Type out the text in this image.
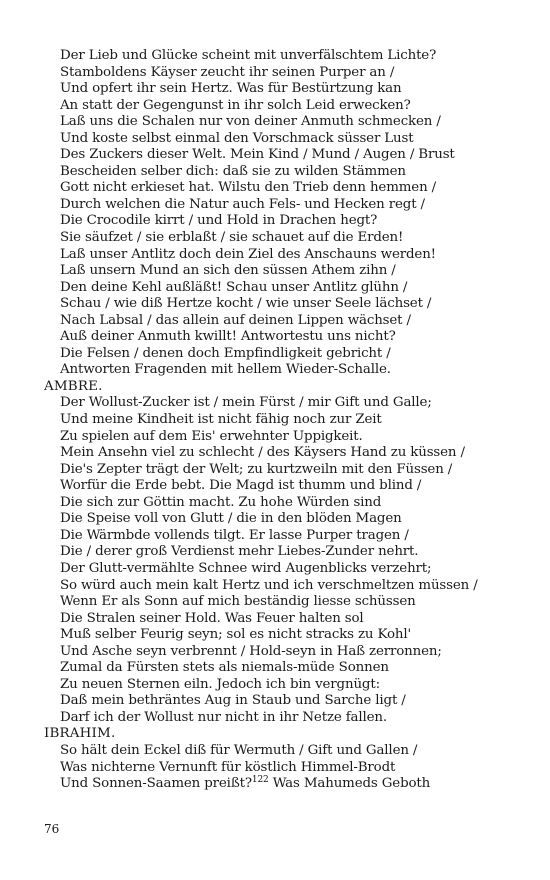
Der Lieb und Glücke scheint mit unverfälschtem Lichte?
Stamboldens Käyser zeucht ihr seinen Purper an /
Und opfert ihr sein Hertz. Was für Bestürtzung kan
An statt der Gegengunst in ihr solch Leid erwecken?
Laß uns die Schalen nur von deiner Anmuth schmecken /
Und koste selbst einmal den Vorschmack süsser Lust
Des Zuckers dieser Welt. Mein Kind / Mund / Augen / Brust
Bescheiden selber dich: daß sie zu wilden Stämmen
Gott nicht erkieset hat. Wilstu den Trieb denn hemmen /
Durch welchen die Natur auch Fels- und Hecken regt /
Die Crocodile kirrt / und Hold in Drachen hegt?
Sie säufzet / sie erblaßt / sie schauet auf die Erden!
Laß unser Antlitz doch dein Ziel des Anschauns werden!
Laß unsern Mund an sich den süssen Athem zihn /
Den deine Kehl außläßt! Schau unser Antlitz glühn /
Schau / wie diß Hertze kocht / wie unser Seele lächset /
Nach Labsal / das allein auf deinen Lippen wächset /
Auß deiner Anmuth kwillt! Antwortestu uns nicht?
Die Felsen / denen doch Empfindligkeit gebricht /
Antworten Fragenden mit hellem Wieder-Schalle.
AMBRE.
Der Wollust-Zucker ist / mein Fürst / mir Gift und Galle;
Und meine Kindheit ist nicht fähig noch zur Zeit
Zu spielen auf dem Eis' erwehnter Uppigkeit.
Mein Ansehn viel zu schlecht / des Käysers Hand zu küssen /
Die's Zepter trägt der Welt; zu kurtzweiln mit den Füssen /
Worfür die Erde bebt. Die Magd ist thumm und blind /
Die sich zur Göttin macht. Zu hohe Würden sind
Die Speise voll von Glutt / die in den blöden Magen
Die Wärmbde vollends tilgt. Er lasse Purper tragen /
Die / derer groß Verdienst mehr Liebes-Zunder nehrt.
Der Glutt-vermählte Schnee wird Augenblicks verzehrt;
So würd auch mein kalt Hertz und ich verschmeltzen müssen /
Wenn Er als Sonn auf mich beständig liesse schüssen
Die Stralen seiner Hold. Was Feuer halten sol
Muß selber Feurig seyn; sol es nicht stracks zu Kohl'
Und Asche seyn verbrennt / Hold-seyn in Haß zerronnen;
Zumal da Fürsten stets als niemals-müde Sonnen
Zu neuen Sternen eiln. Jedoch ich bin vergnügt:
Daß mein bethräntes Aug in Staub und Sarche ligt /
Darf ich der Wollust nur nicht in ihr Netze fallen.
IBRAHIM.
So hält dein Eckel diß für Wermuth / Gift und Gallen /
Was nichterne Vernunft für köstlich Himmel-Brodt
Und Sonnen-Saamen preißt?$^{122}$ Was Mahumeds Geboth
76
